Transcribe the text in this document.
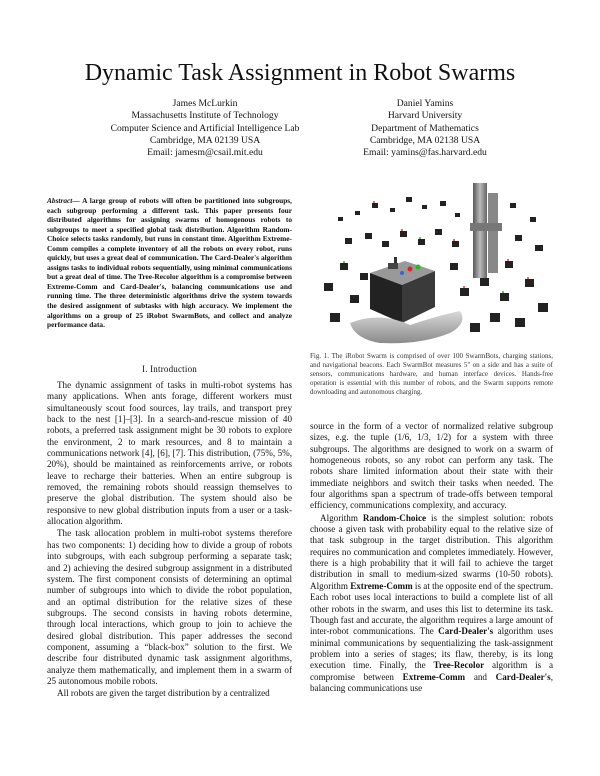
Dynamic Task Assignment in Robot Swarms
James McLurkin
Massachusetts Institute of Technology
Computer Science and Artificial Intelligence Lab
Cambridge, MA 02139 USA
Email: jamesm@csail.mit.edu
Daniel Yamins
Harvard University
Department of Mathematics
Cambridge, MA 02138 USA
Email: yamins@fas.harvard.edu
Abstract— A large group of robots will often be partitioned into subgroups, each subgroup performing a different task. This paper presents four distributed algorithms for assigning swarms of homogenous robots to subgroups to meet a specified global task distribution. Algorithm Random-Choice selects tasks randomly, but runs in constant time. Algorithm Extreme-Comm compiles a complete inventory of all the robots on every robot, runs quickly, but uses a great deal of communication. The Card-Dealer's algorithm assigns tasks to individual robots sequentially, using minimal communications but a great deal of time. The Tree-Recolor algorithm is a compromise between Extreme-Comm and Card-Dealer's, balancing communications use and running time. The three deterministic algorithms drive the system towards the desired assignment of subtasks with high accuracy. We implement the algorithms on a group of 25 iRobot SwarmBots, and collect and analyze performance data.
Fig. 1. The iRobot Swarm is comprised of over 100 SwarmBots, charging stations, and navigational beacons. Each SwarmBot measures 5" on a side and has a suite of sensors, communications hardware, and human interface devices. Hands-free operation is essential with this number of robots, and the Swarm supports remote downloading and autonomous charging.
I. Introduction

The dynamic assignment of tasks in multi-robot systems has many applications. When ants forage, different workers must simultaneously scout food sources, lay trails, and transport prey back to the nest [1]–[3]. In a search-and-rescue mission of 40 robots, a preferred task assignment might be 30 robots to explore the environment, 2 to mark resources, and 8 to maintain a communications network [4], [6], [7]. This distribution, (75%, 5%, 20%), should be maintained as reinforcements arrive, or robots leave to recharge their batteries. When an entire subgroup is removed, the remaining robots should reassign themselves to preserve the global distribution. The system should also be responsive to new global distribution inputs from a user or a task-allocation algorithm.

The task allocation problem in multi-robot systems therefore has two components: 1) deciding how to divide a group of robots into subgroups, with each subgroup performing a separate task; and 2) achieving the desired subgroup assignment in a distributed system. The first component consists of determining an optimal number of subgroups into which to divide the robot population, and an optimal distribution for the relative sizes of these subgroups. The second consists in having robots determine, through local interactions, which group to join to achieve the desired global distribution. This paper addresses the second component, assuming a “black-box” solution to the first. We describe four distributed dynamic task assignment algorithms, analyze them mathematically, and implement them in a swarm of 25 autonomous mobile robots.

All robots are given the target distribution by a centralized

source in the form of a vector of normalized relative subgroup sizes, e.g. the tuple (1/6, 1/3, 1/2) for a system with three subgroups. The algorithms are designed to work on a swarm of homogeneous robots, so any robot can perform any task. The robots share limited information about their state with their immediate neighbors and switch their tasks when needed. The four algorithms span a spectrum of trade-offs between temporal efficiency, communications complexity, and accuracy.

Algorithm Random-Choice is the simplest solution: robots choose a given task with probability equal to the relative size of that task subgroup in the target distribution. This algorithm requires no communication and completes immediately. However, there is a high probability that it will fail to achieve the target distribution in small to medium-sized swarms (10-50 robots). Algorithm Extreme-Comm is at the opposite end of the spectrum. Each robot uses local interactions to build a complete list of all other robots in the swarm, and uses this list to determine its task. Though fast and accurate, the algorithm requires a large amount of inter-robot communications. The Card-Dealer's algorithm uses minimal communications by sequentializing the task-assignment problem into a series of stages; its flaw, thereby, is its long execution time. Finally, the Tree-Recolor algorithm is a compromise between Extreme-Comm and Card-Dealer's, balancing communications use
